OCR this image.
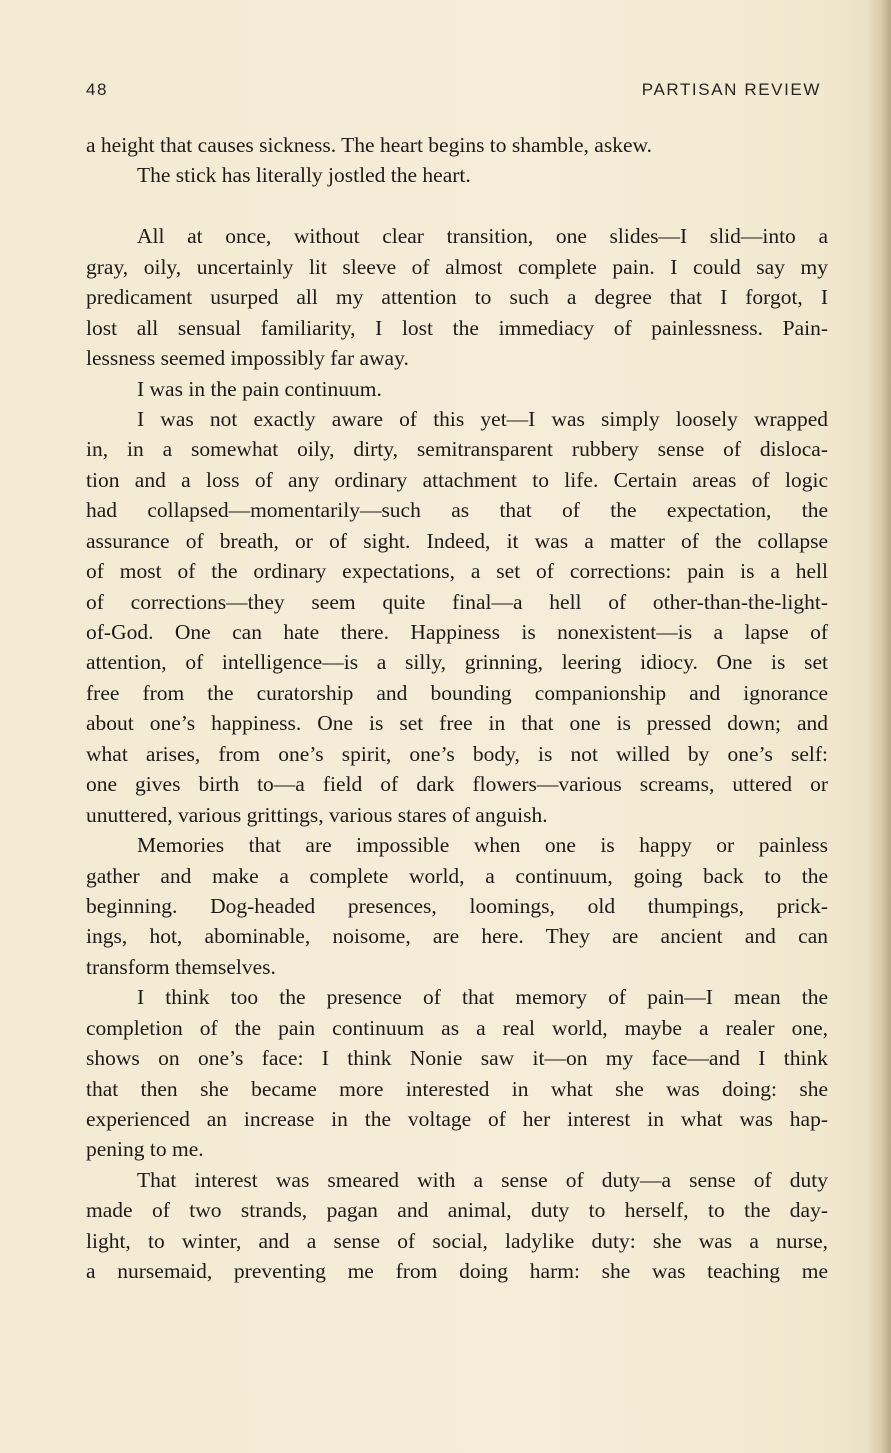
48	PARTISAN REVIEW
a height that causes sickness. The heart begins to shamble, askew.
The stick has literally jostled the heart.
All at once, without clear transition, one slides—I slid—into a
gray, oily, uncertainly lit sleeve of almost complete pain. I could say my
predicament usurped all my attention to such a degree that I forgot, I
lost all sensual familiarity, I lost the immediacy of painlessness. Pain-
lessness seemed impossibly far away.
I was in the pain continuum.
I was not exactly aware of this yet—I was simply loosely wrapped
in, in a somewhat oily, dirty, semitransparent rubbery sense of disloca-
tion and a loss of any ordinary attachment to life. Certain areas of logic
had collapsed—momentarily—such as that of the expectation, the
assurance of breath, or of sight. Indeed, it was a matter of the collapse
of most of the ordinary expectations, a set of corrections: pain is a hell
of corrections—they seem quite final—a hell of other-than-the-light-
of-God. One can hate there. Happiness is nonexistent—is a lapse of
attention, of intelligence—is a silly, grinning, leering idiocy. One is set
free from the curatorship and bounding companionship and ignorance
about one’s happiness. One is set free in that one is pressed down; and
what arises, from one’s spirit, one’s body, is not willed by one’s self:
one gives birth to—a field of dark flowers—various screams, uttered or
unuttered, various grittings, various stares of anguish.
Memories that are impossible when one is happy or painless
gather and make a complete world, a continuum, going back to the
beginning. Dog-headed presences, loomings, old thumpings, prick-
ings, hot, abominable, noisome, are here. They are ancient and can
transform themselves.
I think too the presence of that memory of pain—I mean the
completion of the pain continuum as a real world, maybe a realer one,
shows on one’s face: I think Nonie saw it—on my face—and I think
that then she became more interested in what she was doing: she
experienced an increase in the voltage of her interest in what was hap-
pening to me.
That interest was smeared with a sense of duty—a sense of duty
made of two strands, pagan and animal, duty to herself, to the day-
light, to winter, and a sense of social, ladylike duty: she was a nurse,
a nursemaid, preventing me from doing harm: she was teaching me
